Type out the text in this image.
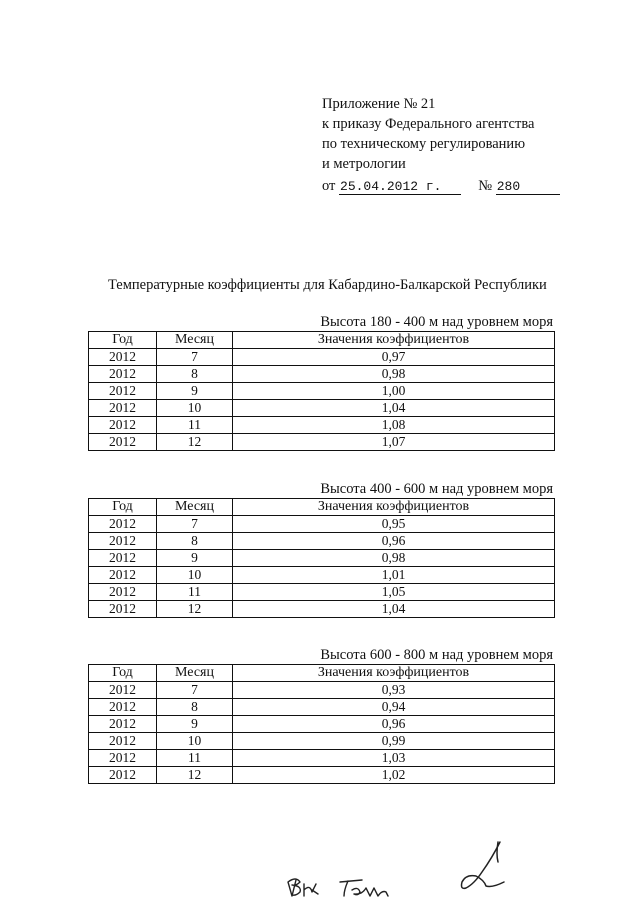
Приложение № 21
к приказу Федерального агентства
по техническому регулированию
и метрологии
от 25.04.2012 г.	№ 280
Температурные коэффициенты для Кабардино-Балкарской Республики
Высота 180 - 400 м над уровнем моря
Год	Месяц	Значения коэффициентов
2012	7	0,97
2012	8	0,98
2012	9	1,00
2012	10	1,04
2012	11	1,08
2012	12	1,07
Высота 400 - 600 м над уровнем моря
Год	Месяц	Значения коэффициентов
2012	7	0,95
2012	8	0,96
2012	9	0,98
2012	10	1,01
2012	11	1,05
2012	12	1,04
Высота 600 - 800 м над уровнем моря
Год	Месяц	Значения коэффициентов
2012	7	0,93
2012	8	0,94
2012	9	0,96
2012	10	0,99
2012	11	1,03
2012	12	1,02
